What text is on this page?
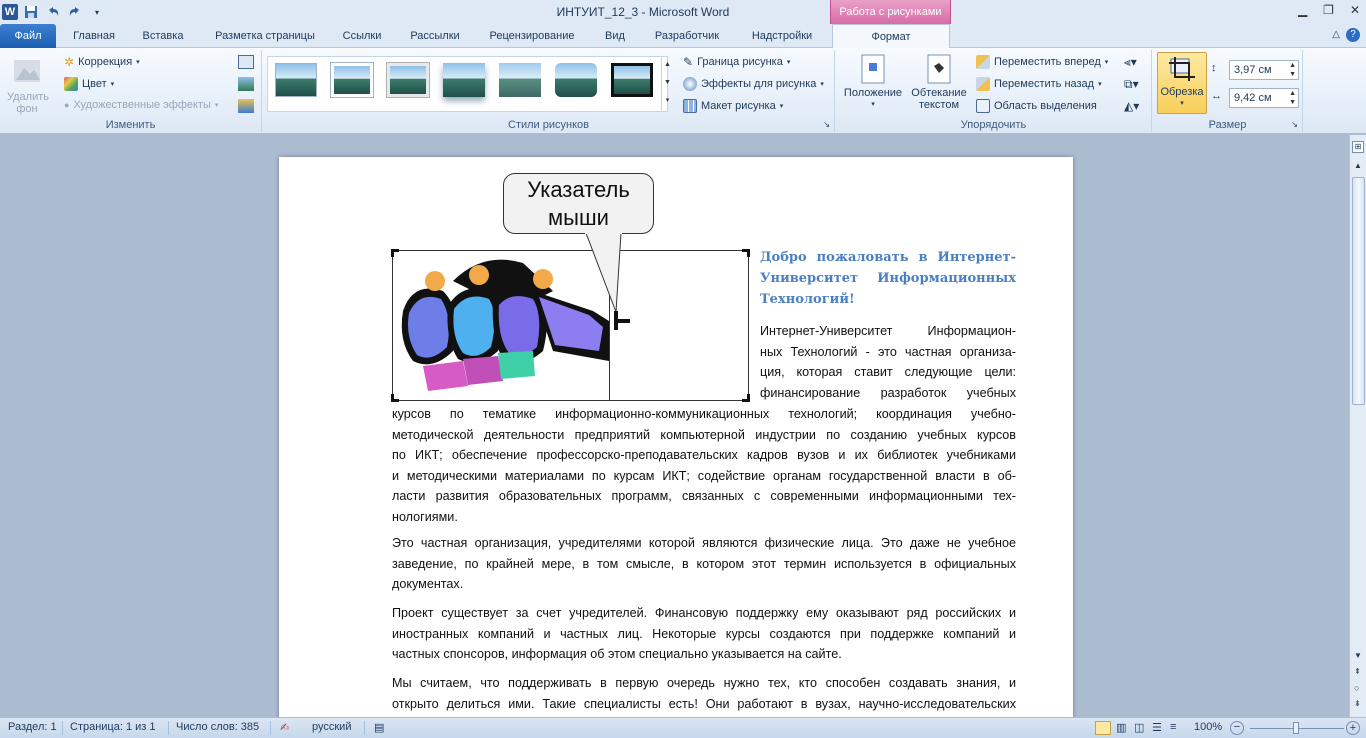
W	▾	ИНТУИТ_12_3 - Microsoft Word	Работа с рисунками	▁ ❐ ✕
Файл	Главная	Вставка	Разметка страницы	Ссылки	Рассылки	Рецензирование	Вид	Разработчик	Надстройки	Формат	△	?
Удалить фон
✲ Коррекция ▾
Цвет ▾
● Художественные эффекты ▾
Изменить
▲
▼
▾
✎ Граница рисунка ▾
Эффекты для рисунка ▾
Макет рисунка ▾
Стили рисунков	↘
Положение
▾
Обтекание текстом
Переместить вперед ▾
Переместить назад ▾
Область выделения
⫷▾
⧉▾
◭▾
Упорядочить
Обрезка
▾
↕	3,97 см	▲
▼
↔	9,42 см	▲
▼
Размер	↘
Указатель мыши
Добро пожаловать в Интернет-
Университет Информационных
Технологий!
Интернет-Университет Информацион-
ных Технологий - это частная организа-
ция, которая ставит следующие цели:
финансирование разработок учебных
курсов по тематике информационно-коммуникационных технологий; координация учебно-
методической деятельности предприятий компьютерной индустрии по созданию учебных курсов
по ИКТ; обеспечение профессорско-преподавательских кадров вузов и их библиотек учебниками
и методическими материалами по курсам ИКТ; содействие органам государственной власти в об-
ласти развития образовательных программ, связанных с современными информационными тех-
нологиями.
Это частная организация, учредителями которой являются физические лица. Это даже не учебное
заведение, по крайней мере, в том смысле, в котором этот термин используется в официальных
документах.
Проект существует за счет учредителей. Финансовую поддержку ему оказывают ряд российских и
иностранных компаний и частных лиц. Некоторые курсы создаются при поддержке компаний и
частных спонсоров, информация об этом специально указывается на сайте.
Мы считаем, что поддерживать в первую очередь нужно тех, кто способен создавать знания, и
открыто делиться ими. Такие специалисты есть! Они работают в вузах, научно-исследовательских
⊞
▲
▼
⇞
○
⇟
Раздел: 1 Страница: 1 из 1 Число слов: 385 ✍ русский ▤	▥ ◫ ☰ ≡ 100%	−	+
